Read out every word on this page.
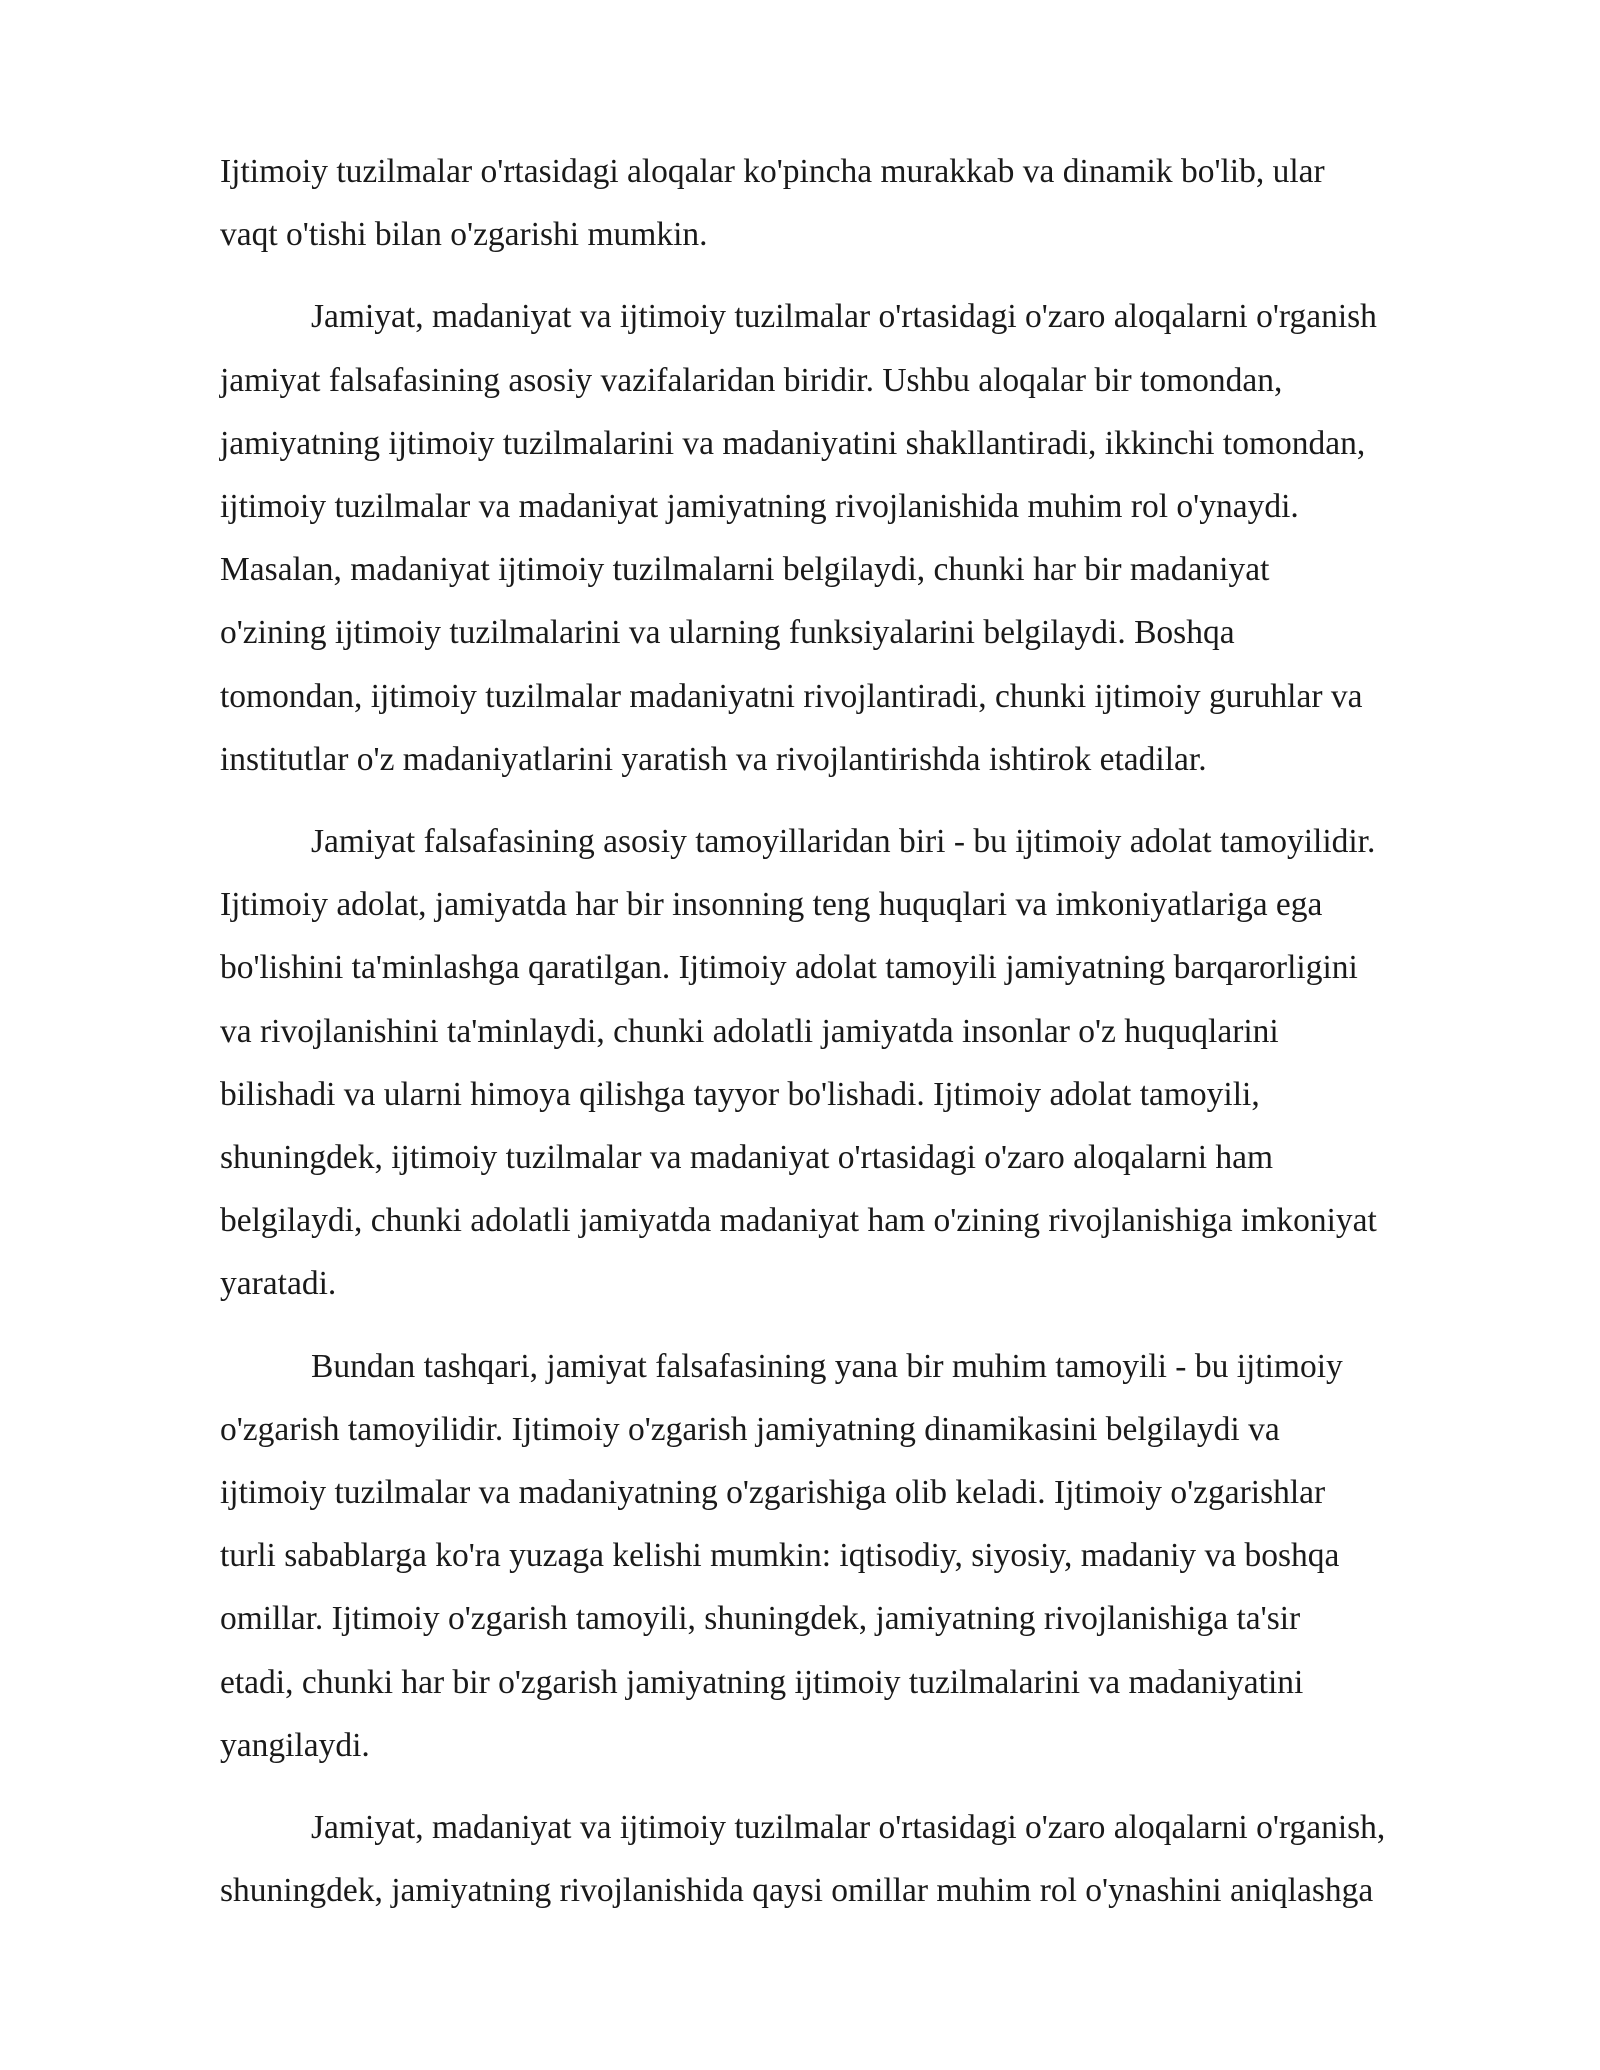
Ijtimoiy tuzilmalar o'rtasidagi aloqalar ko'pincha murakkab va dinamik bo'lib, ular
vaqt o'tishi bilan o'zgarishi mumkin.

Jamiyat, madaniyat va ijtimoiy tuzilmalar o'rtasidagi o'zaro aloqalarni o'rganish
jamiyat falsafasining asosiy vazifalaridan biridir. Ushbu aloqalar bir tomondan,
jamiyatning ijtimoiy tuzilmalarini va madaniyatini shakllantiradi, ikkinchi tomondan,
ijtimoiy tuzilmalar va madaniyat jamiyatning rivojlanishida muhim rol o'ynaydi.
Masalan, madaniyat ijtimoiy tuzilmalarni belgilaydi, chunki har bir madaniyat
o'zining ijtimoiy tuzilmalarini va ularning funksiyalarini belgilaydi. Boshqa
tomondan, ijtimoiy tuzilmalar madaniyatni rivojlantiradi, chunki ijtimoiy guruhlar va
institutlar o'z madaniyatlarini yaratish va rivojlantirishda ishtirok etadilar.

Jamiyat falsafasining asosiy tamoyillaridan biri - bu ijtimoiy adolat tamoyilidir.
Ijtimoiy adolat, jamiyatda har bir insonning teng huquqlari va imkoniyatlariga ega
bo'lishini ta'minlashga qaratilgan. Ijtimoiy adolat tamoyili jamiyatning barqarorligini
va rivojlanishini ta'minlaydi, chunki adolatli jamiyatda insonlar o'z huquqlarini
bilishadi va ularni himoya qilishga tayyor bo'lishadi. Ijtimoiy adolat tamoyili,
shuningdek, ijtimoiy tuzilmalar va madaniyat o'rtasidagi o'zaro aloqalarni ham
belgilaydi, chunki adolatli jamiyatda madaniyat ham o'zining rivojlanishiga imkoniyat
yaratadi.

Bundan tashqari, jamiyat falsafasining yana bir muhim tamoyili - bu ijtimoiy
o'zgarish tamoyilidir. Ijtimoiy o'zgarish jamiyatning dinamikasini belgilaydi va
ijtimoiy tuzilmalar va madaniyatning o'zgarishiga olib keladi. Ijtimoiy o'zgarishlar
turli sabablarga ko'ra yuzaga kelishi mumkin: iqtisodiy, siyosiy, madaniy va boshqa
omillar. Ijtimoiy o'zgarish tamoyili, shuningdek, jamiyatning rivojlanishiga ta'sir
etadi, chunki har bir o'zgarish jamiyatning ijtimoiy tuzilmalarini va madaniyatini
yangilaydi.

Jamiyat, madaniyat va ijtimoiy tuzilmalar o'rtasidagi o'zaro aloqalarni o'rganish,
shuningdek, jamiyatning rivojlanishida qaysi omillar muhim rol o'ynashini aniqlashga
